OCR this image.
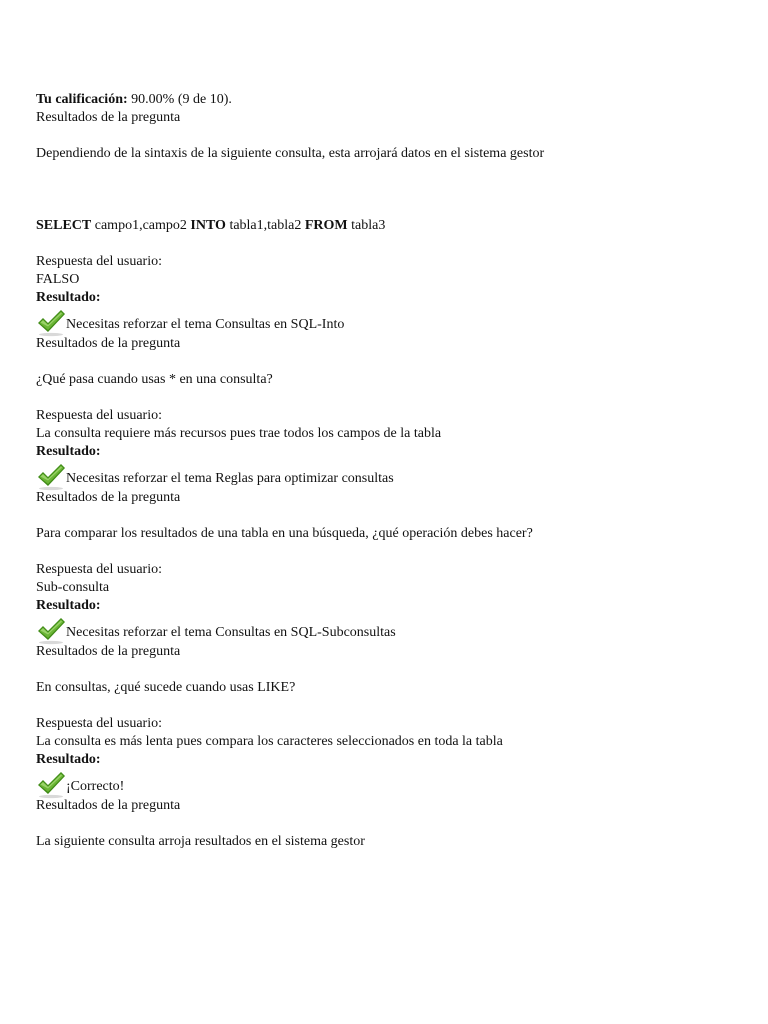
Tu calificación: 90.00% (9 de 10).
Resultados de la pregunta
Dependiendo de la sintaxis de la siguiente consulta, esta arrojará datos en el sistema gestor
SELECT campo1,campo2 INTO tabla1,tabla2 FROM tabla3
Respuesta del usuario:
FALSO
Resultado:
Necesitas reforzar el tema Consultas en SQL-Into
Resultados de la pregunta
¿Qué pasa cuando usas * en una consulta?
Respuesta del usuario:
La consulta requiere más recursos pues trae todos los campos de la tabla
Resultado:
Necesitas reforzar el tema Reglas para optimizar consultas
Resultados de la pregunta
Para comparar los resultados de una tabla en una búsqueda, ¿qué operación debes hacer?
Respuesta del usuario:
Sub-consulta
Resultado:
Necesitas reforzar el tema Consultas en SQL-Subconsultas
Resultados de la pregunta
En consultas, ¿qué sucede cuando usas LIKE?
Respuesta del usuario:
La consulta es más lenta pues compara los caracteres seleccionados en toda la tabla
Resultado:
¡Correcto!
Resultados de la pregunta
La siguiente consulta arroja resultados en el sistema gestor
